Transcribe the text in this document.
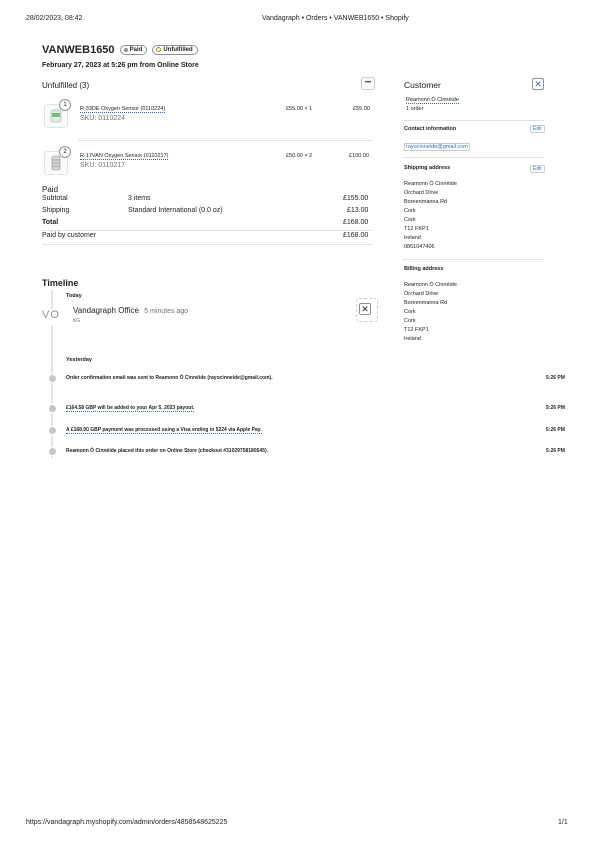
28/02/2023, 08:42	Vandagraph • Orders • VANWEB1650 • Shopify
VANWEB1650	Paid	Unfulfilled
February 27, 2023 at 5:26 pm from Online Store
Unfulfilled (3)	•••
1
R-33DE Oxygen Sensor (0110224)
SKU: 0110224
£55.00 × 1	£55.00
2
R-17VAN Oxygen Sensor (0110217)
SKU: 0110217
£50.00 × 2	£100.00
Paid
Subtotal	3 items	£155.00
Shipping	Standard International (0.0 oz)	£13.00
Total	£168.00
Paid by customer	£168.00
Timeline
Today
VO Vandagraph Office 5 minutes ago
KG
✕
Yesterday
Order confirmation email was sent to Reamonn Ó Cinnéide (rayocinneide@gmail.com).	5:26 PM
£164.58 GBP will be added to your Apr 5, 2023 payout.	5:26 PM
A £168.00 GBP payment was processed using a Visa ending in 5224 via Apple Pay.	5:26 PM
Reamonn Ó Cinnéide placed this order on Online Store (checkout #31029758180545).	5:26 PM
Customer	✕
Reamonn Ó Cinnéide
1 order
Contact information	Edit
rayocinneide@gmail.com
Shipping address	Edit
Reamonn Ó Cinnéide
Orchard Drive
Boreenmanna Rd
Cork
Cork
T12 FKP1
Ireland
0861047406
Billing address
Reamonn Ó Cinnéide
Orchard Drive
Boreenmanna Rd
Cork
Cork
T12 FKP1
Ireland
https://vandagraph.myshopify.com/admin/orders/4858548625225	1/1
